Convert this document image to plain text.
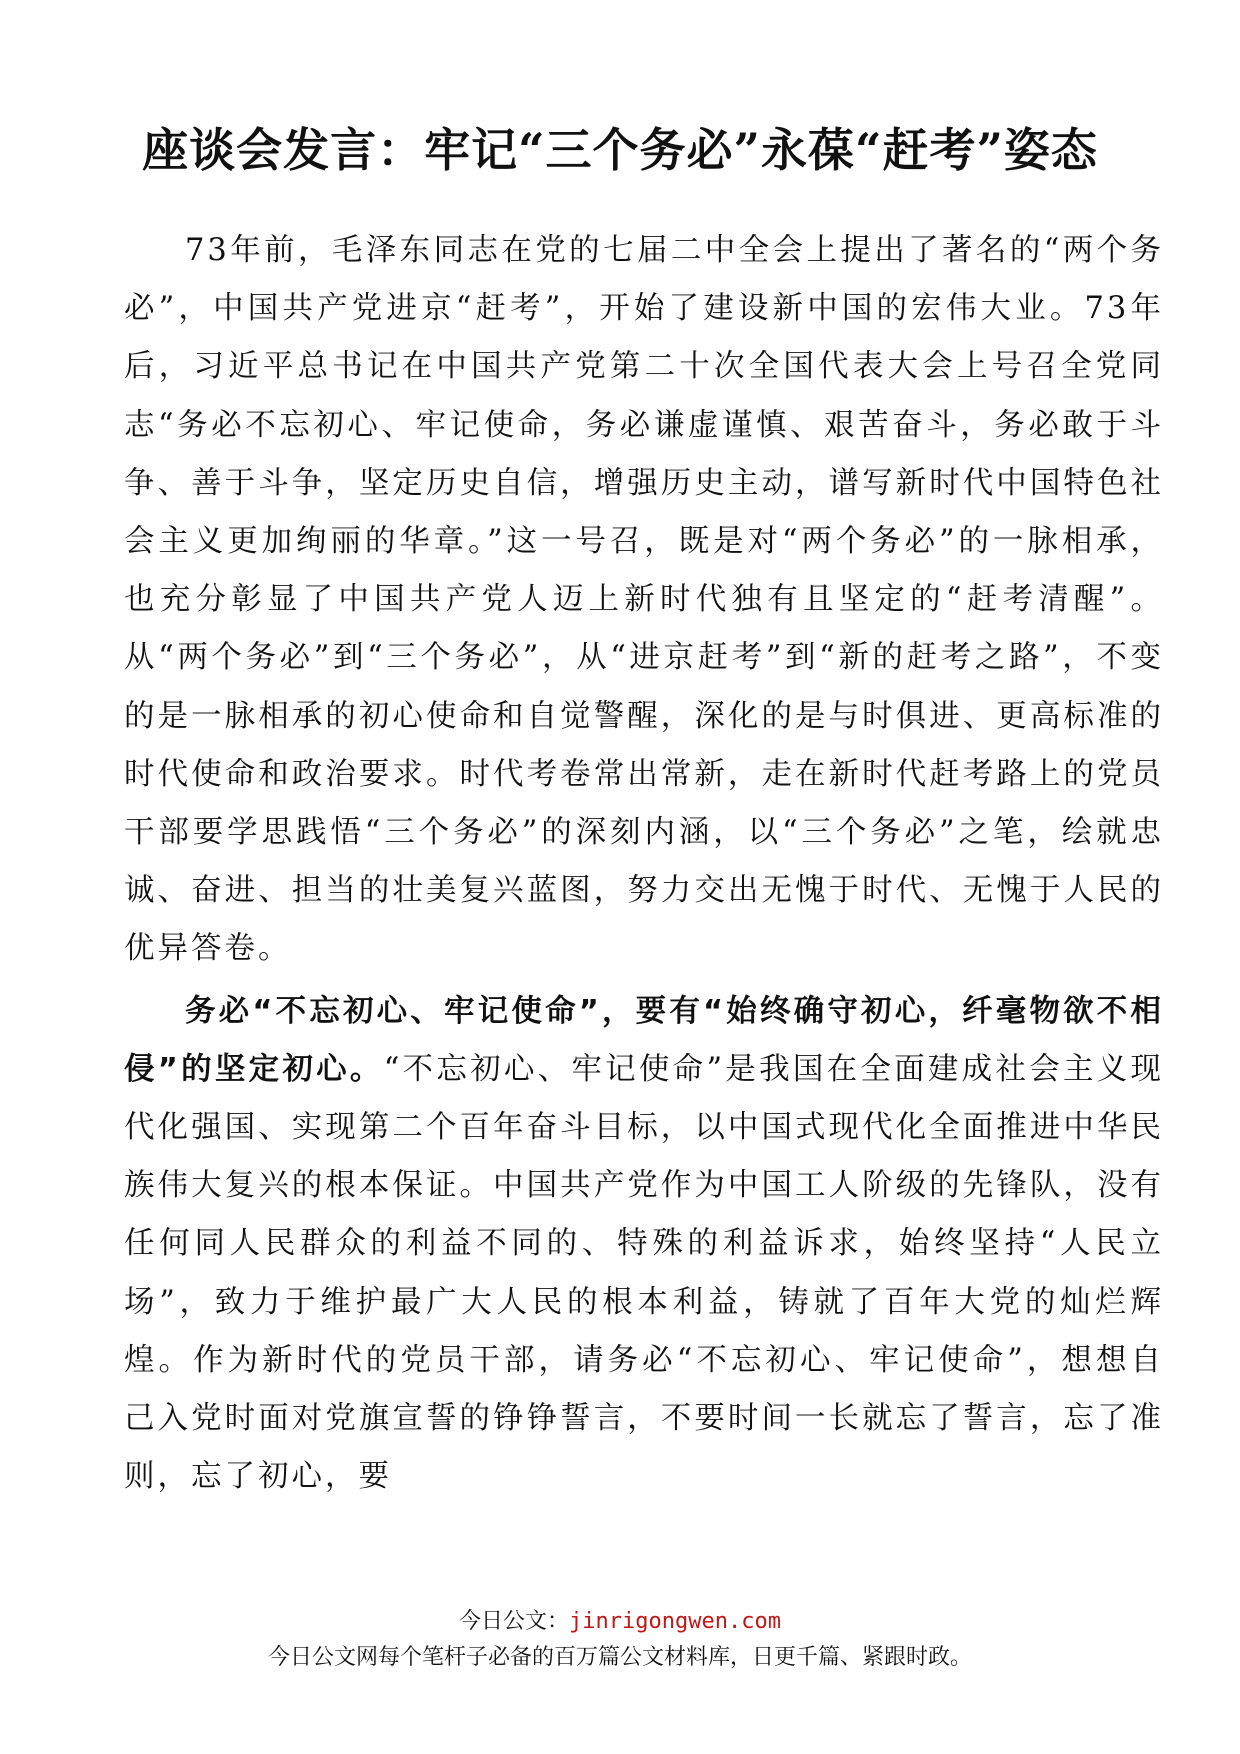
座谈会发言：牢记“三个务必”永葆“赶考”姿态

73年前，毛泽东同志在党的七届二中全会上提出了著名的“两个务必”，中国共产党进京“赶考”，开始了建设新中国的宏伟大业。73年后，习近平总书记在中国共产党第二十次全国代表大会上号召全党同志“务必不忘初心、牢记使命，务必谦虚谨慎、艰苦奋斗，务必敢于斗争、善于斗争，坚定历史自信，增强历史主动，谱写新时代中国特色社会主义更加绚丽的华章。”这一号召，既是对“两个务必”的一脉相承，也充分彰显了中国共产党人迈上新时代独有且坚定的“赶考清醒”。从“两个务必”到“三个务必”，从“进京赶考”到“新的赶考之路”，不变的是一脉相承的初心使命和自觉警醒，深化的是与时俱进、更高标准的时代使命和政治要求。时代考卷常出常新，走在新时代赶考路上的党员干部要学思践悟“三个务必”的深刻内涵，以“三个务必”之笔，绘就忠诚、奋进、担当的壮美复兴蓝图，努力交出无愧于时代、无愧于人民的优异答卷。

务必“不忘初心、牢记使命”，要有“始终确守初心，纤毫物欲不相侵”的坚定初心。“不忘初心、牢记使命”是我国在全面建成社会主义现代化强国、实现第二个百年奋斗目标，以中国式现代化全面推进中华民族伟大复兴的根本保证。中国共产党作为中国工人阶级的先锋队，没有任何同人民群众的利益不同的、特殊的利益诉求，始终坚持“人民立场”，致力于维护最广大人民的根本利益，铸就了百年大党的灿烂辉煌。作为新时代的党员干部，请务必“不忘初心、牢记使命”，想想自己入党时面对党旗宣誓的铮铮誓言，不要时间一长就忘了誓言，忘了准则，忘了初心，要

今日公文：jinrigongwen.com

今日公文网每个笔杆子必备的百万篇公文材料库，日更千篇、紧跟时政。
